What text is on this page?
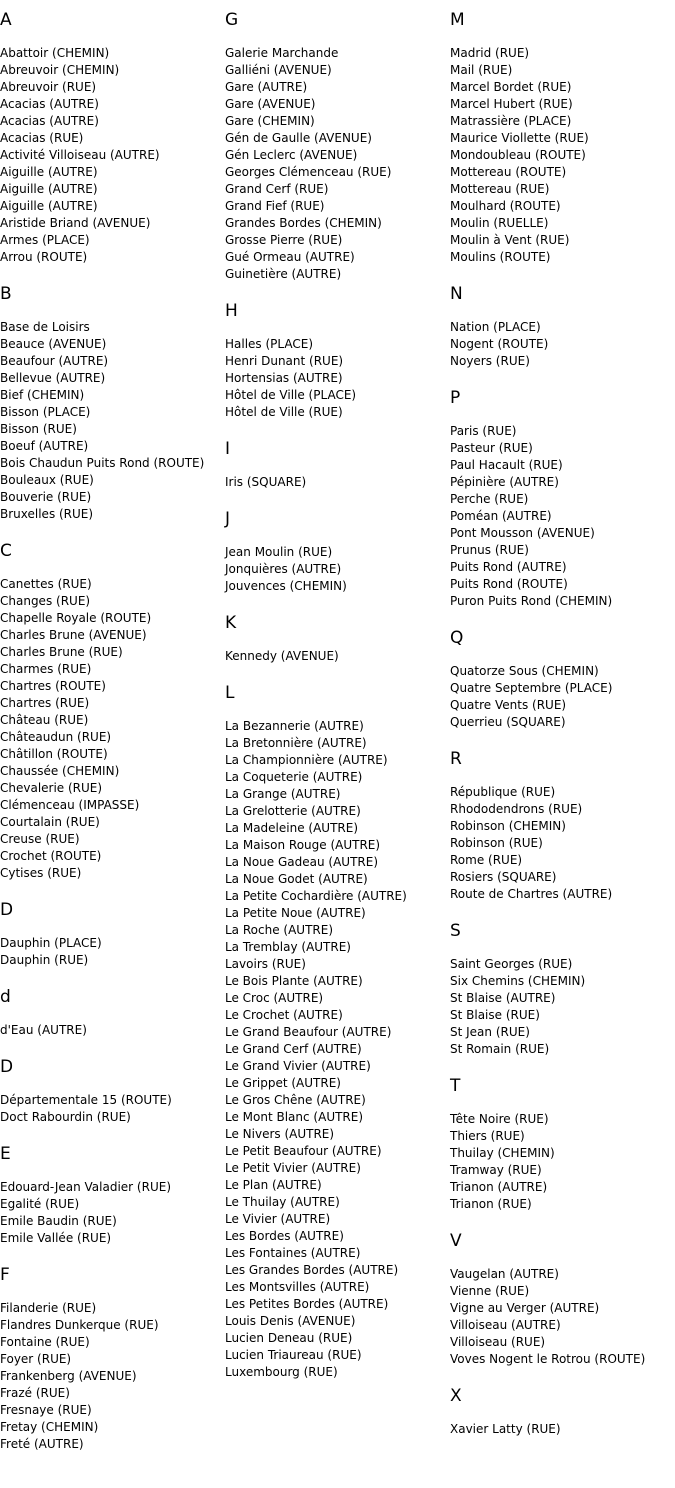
A
Abattoir (CHEMIN)
Abreuvoir (CHEMIN)
Abreuvoir (RUE)
Acacias (AUTRE)
Acacias (AUTRE)
Acacias (RUE)
Activité Villoiseau (AUTRE)
Aiguille (AUTRE)
Aiguille (AUTRE)
Aiguille (AUTRE)
Aristide Briand (AVENUE)
Armes (PLACE)
Arrou (ROUTE)
B
Base de Loisirs
Beauce (AVENUE)
Beaufour (AUTRE)
Bellevue (AUTRE)
Bief (CHEMIN)
Bisson (PLACE)
Bisson (RUE)
Boeuf (AUTRE)
Bois Chaudun Puits Rond (ROUTE)
Bouleaux (RUE)
Bouverie (RUE)
Bruxelles (RUE)
C
Canettes (RUE)
Changes (RUE)
Chapelle Royale (ROUTE)
Charles Brune (AVENUE)
Charles Brune (RUE)
Charmes (RUE)
Chartres (ROUTE)
Chartres (RUE)
Château (RUE)
Châteaudun (RUE)
Châtillon (ROUTE)
Chaussée (CHEMIN)
Chevalerie (RUE)
Clémenceau (IMPASSE)
Courtalain (RUE)
Creuse (RUE)
Crochet (ROUTE)
Cytises (RUE)
D
Dauphin (PLACE)
Dauphin (RUE)
d
d'Eau (AUTRE)
D
Départementale 15 (ROUTE)
Doct Rabourdin (RUE)
E
Edouard-Jean Valadier (RUE)
Egalité (RUE)
Emile Baudin (RUE)
Emile Vallée (RUE)
F
Filanderie (RUE)
Flandres Dunkerque (RUE)
Fontaine (RUE)
Foyer (RUE)
Frankenberg (AVENUE)
Frazé (RUE)
Fresnaye (RUE)
Fretay (CHEMIN)
Freté (AUTRE)
G
Galerie Marchande
Galliéni (AVENUE)
Gare (AUTRE)
Gare (AVENUE)
Gare (CHEMIN)
Gén de Gaulle (AVENUE)
Gén Leclerc (AVENUE)
Georges Clémenceau (RUE)
Grand Cerf (RUE)
Grand Fief (RUE)
Grandes Bordes (CHEMIN)
Grosse Pierre (RUE)
Gué Ormeau (AUTRE)
Guinetière (AUTRE)
H
Halles (PLACE)
Henri Dunant (RUE)
Hortensias (AUTRE)
Hôtel de Ville (PLACE)
Hôtel de Ville (RUE)
I
Iris (SQUARE)
J
Jean Moulin (RUE)
Jonquières (AUTRE)
Jouvences (CHEMIN)
K
Kennedy (AVENUE)
L
La Bezannerie (AUTRE)
La Bretonnière (AUTRE)
La Championnière (AUTRE)
La Coqueterie (AUTRE)
La Grange (AUTRE)
La Grelotterie (AUTRE)
La Madeleine (AUTRE)
La Maison Rouge (AUTRE)
La Noue Gadeau (AUTRE)
La Noue Godet (AUTRE)
La Petite Cochardière (AUTRE)
La Petite Noue (AUTRE)
La Roche (AUTRE)
La Tremblay (AUTRE)
Lavoirs (RUE)
Le Bois Plante (AUTRE)
Le Croc (AUTRE)
Le Crochet (AUTRE)
Le Grand Beaufour (AUTRE)
Le Grand Cerf (AUTRE)
Le Grand Vivier (AUTRE)
Le Grippet (AUTRE)
Le Gros Chêne (AUTRE)
Le Mont Blanc (AUTRE)
Le Nivers (AUTRE)
Le Petit Beaufour (AUTRE)
Le Petit Vivier (AUTRE)
Le Plan (AUTRE)
Le Thuilay (AUTRE)
Le Vivier (AUTRE)
Les Bordes (AUTRE)
Les Fontaines (AUTRE)
Les Grandes Bordes (AUTRE)
Les Montsvilles (AUTRE)
Les Petites Bordes (AUTRE)
Louis Denis (AVENUE)
Lucien Deneau (RUE)
Lucien Triaureau (RUE)
Luxembourg (RUE)
M
Madrid (RUE)
Mail (RUE)
Marcel Bordet (RUE)
Marcel Hubert (RUE)
Matrassière (PLACE)
Maurice Viollette (RUE)
Mondoubleau (ROUTE)
Mottereau (ROUTE)
Mottereau (RUE)
Moulhard (ROUTE)
Moulin (RUELLE)
Moulin à Vent (RUE)
Moulins (ROUTE)
N
Nation (PLACE)
Nogent (ROUTE)
Noyers (RUE)
P
Paris (RUE)
Pasteur (RUE)
Paul Hacault (RUE)
Pépinière (AUTRE)
Perche (RUE)
Poméan (AUTRE)
Pont Mousson (AVENUE)
Prunus (RUE)
Puits Rond (AUTRE)
Puits Rond (ROUTE)
Puron Puits Rond (CHEMIN)
Q
Quatorze Sous (CHEMIN)
Quatre Septembre (PLACE)
Quatre Vents (RUE)
Querrieu (SQUARE)
R
République (RUE)
Rhododendrons (RUE)
Robinson (CHEMIN)
Robinson (RUE)
Rome (RUE)
Rosiers (SQUARE)
Route de Chartres (AUTRE)
S
Saint Georges (RUE)
Six Chemins (CHEMIN)
St Blaise (AUTRE)
St Blaise (RUE)
St Jean (RUE)
St Romain (RUE)
T
Tête Noire (RUE)
Thiers (RUE)
Thuilay (CHEMIN)
Tramway (RUE)
Trianon (AUTRE)
Trianon (RUE)
V
Vaugelan (AUTRE)
Vienne (RUE)
Vigne au Verger (AUTRE)
Villoiseau (AUTRE)
Villoiseau (RUE)
Voves Nogent le Rotrou (ROUTE)
X
Xavier Latty (RUE)
